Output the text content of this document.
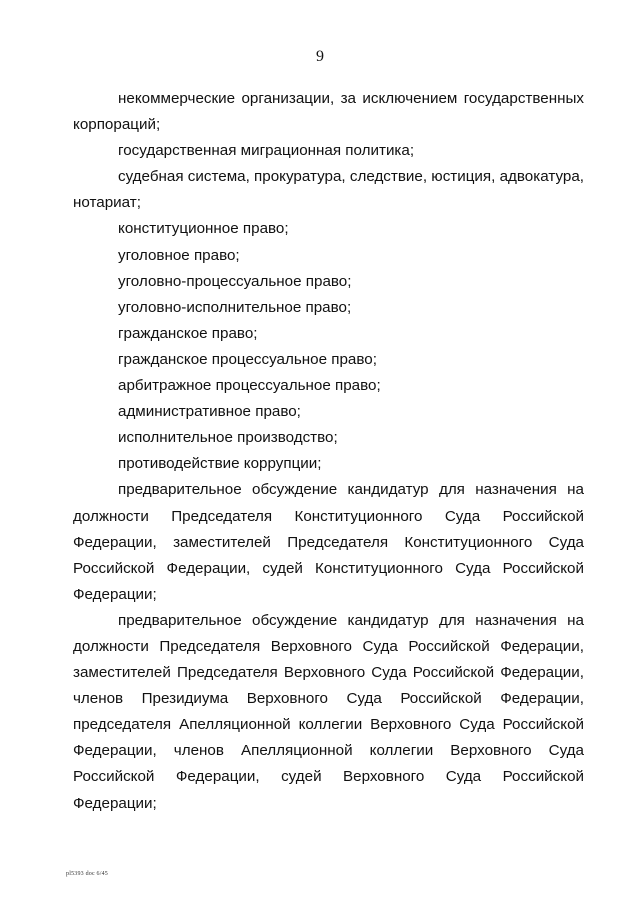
9

некоммерческие организации, за исключением государственных корпораций;

государственная миграционная политика;

судебная система, прокуратура, следствие, юстиция, адвокатура, нотариат;

конституционное право;

уголовное право;

уголовно-процессуальное право;

уголовно-исполнительное право;

гражданское право;

гражданское процессуальное право;

арбитражное процессуальное право;

административное право;

исполнительное производство;

противодействие коррупции;

предварительное обсуждение кандидатур для назначения на должности Председателя Конституционного Суда Российской Федерации, заместителей Председателя Конституционного Суда Российской Федерации, судей Конституционного Суда Российской Федерации;

предварительное обсуждение кандидатур для назначения на должности Председателя Верховного Суда Российской Федерации, заместителей Председателя Верховного Суда Российской Федерации, членов Президиума Верховного Суда Российской Федерации, председателя Апелляционной коллегии Верховного Суда Российской Федерации, членов Апелляционной коллегии Верховного Суда Российской Федерации, судей Верховного Суда Российской Федерации;

pl5393 doc 6/45
